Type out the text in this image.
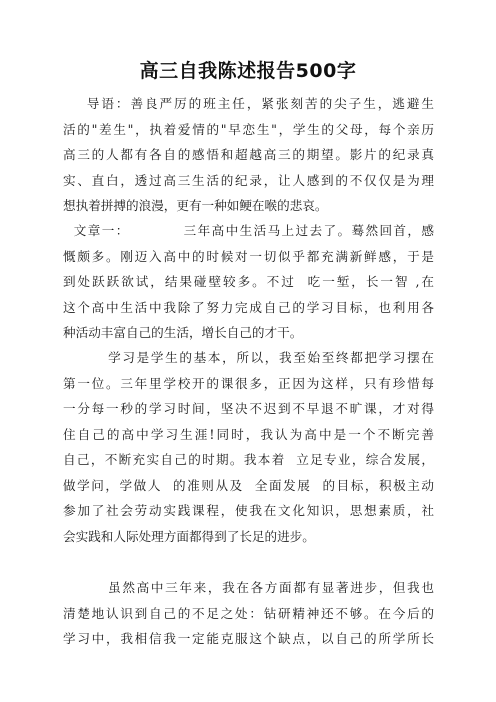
高三自我陈述报告500字
导语：善良严厉的班主任，紧张刻苦的尖子生，逃避生
活的"差生"，执着爱情的"早恋生"，学生的父母，每个亲历
高三的人都有各自的感悟和超越高三的期望。影片的纪录真
实、直白，透过高三生活的纪录，让人感到的不仅仅是为理
想执着拼搏的浪漫，更有一种如鲠在喉的悲哀。
文章一：          三年高中生活马上过去了。蓦然回首，感
慨颇多。刚迈入高中的时候对一切似乎都充满新鲜感，于是
到处跃跃欲试，结果碰壁较多。不过  吃一堑，长一智 ,在
这个高中生活中我除了努力完成自己的学习目标，也利用各
种活动丰富自己的生活，增长自己的才干。
学习是学生的基本，所以，我至始至终都把学习摆在
第一位。三年里学校开的课很多，正因为这样，只有珍惜每
一分每一秒的学习时间，坚决不迟到不早退不旷课，才对得
住自己的高中学习生涯!同时，我认为高中是一个不断完善
自己，不断充实自己的时期。我本着  立足专业，综合发展，
做学问，学做人  的准则从及  全面发展  的目标，积极主动
参加了社会劳动实践课程，使我在文化知识，思想素质，社
会实践和人际处理方面都得到了长足的进步。
虽然高中三年来，我在各方面都有显著进步，但我也
清楚地认识到自己的不足之处：钻研精神还不够。在今后的
学习中，我相信我一定能克服这个缺点，以自己的所学所长
